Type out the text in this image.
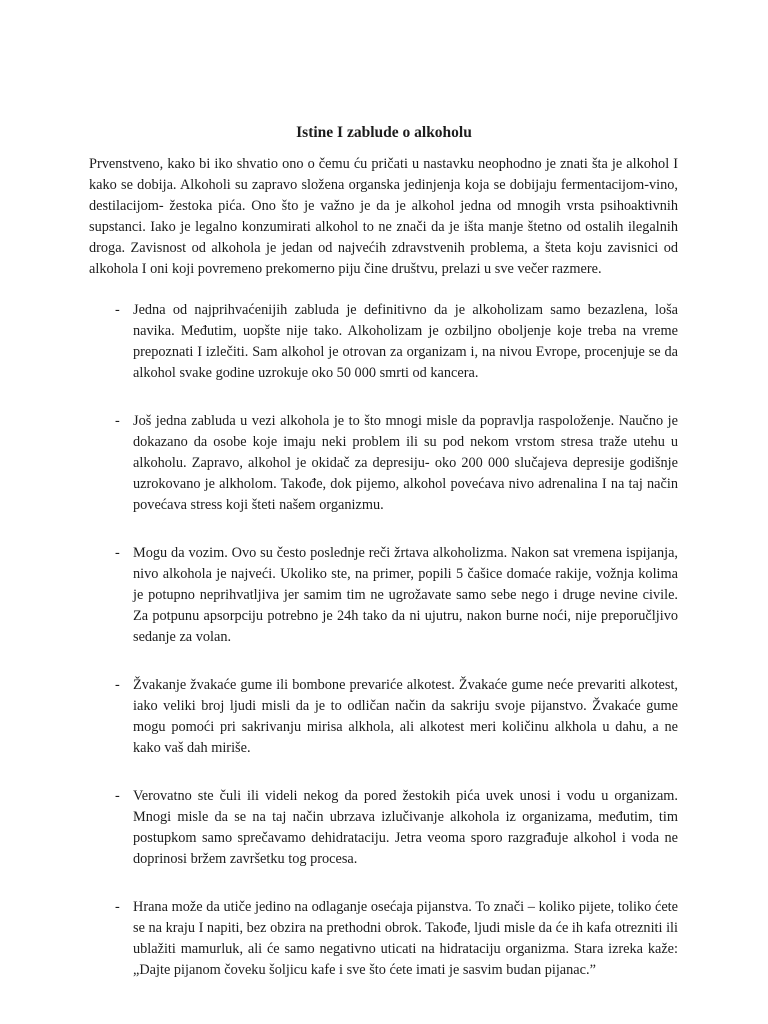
Istine I zablude o alkoholu

Prvenstveno, kako bi iko shvatio ono o čemu ću pričati u nastavku neophodno je znati šta je alkohol I kako se dobija. Alkoholi su zapravo složena organska jedinjenja koja se dobijaju fermentacijom-vino, destilacijom- žestoka pića. Ono što je važno je da je alkohol jedna od mnogih vrsta psihoaktivnih supstanci. Iako je legalno konzumirati alkohol to ne znači da je išta manje štetno od ostalih ilegalnih droga. Zavisnost od alkohola je jedan od najvećih zdravstvenih problema, a šteta koju zavisnici od alkohola I oni koji povremeno prekomerno piju čine društvu, prelazi u sve večer razmere.

- Jedna od najprihvaćenijih zabluda je definitivno da je alkoholizam samo bezazlena, loša navika. Međutim, uopšte nije tako. Alkoholizam je ozbiljno oboljenje koje treba na vreme prepoznati I izlečiti. Sam alkohol je otrovan za organizam i, na nivou Evrope, procenjuje se da alkohol svake godine uzrokuje oko 50 000 smrti od kancera.
- Još jedna zabluda u vezi alkohola je to što mnogi misle da popravlja raspoloženje. Naučno je dokazano da osobe koje imaju neki problem ili su pod nekom vrstom stresa traže utehu u alkoholu. Zapravo, alkohol je okidač za depresiju- oko 200 000 slučajeva depresije godišnje uzrokovano je alkholom. Takođe, dok pijemo, alkohol povećava nivo adrenalina I na taj način povećava stress koji šteti našem organizmu.
- Mogu da vozim. Ovo su često poslednje reči žrtava alkoholizma. Nakon sat vremena ispijanja, nivo alkohola je najveći. Ukoliko ste, na primer, popili 5 čašice domaće rakije, vožnja kolima je potupno neprihvatljiva jer samim tim ne ugrožavate samo sebe nego i druge nevine civile. Za potpunu apsorpciju potrebno je 24h tako da ni ujutru, nakon burne noći, nije preporučljivo sedanje za volan.
- Žvakanje žvakaće gume ili bombone prevariće alkotest. Žvakaće gume neće prevariti alkotest, iako veliki broj ljudi misli da je to odličan način da sakriju svoje pijanstvo. Žvakaće gume mogu pomoći pri sakrivanju mirisa alkhola, ali alkotest meri količinu alkhola u dahu, a ne kako vaš dah miriše.
- Verovatno ste čuli ili videli nekog da pored žestokih pića uvek unosi i vodu u organizam. Mnogi misle da se na taj način ubrzava izlučivanje alkohola iz organizama, međutim, tim postupkom samo sprečavamo dehidrataciju. Jetra veoma sporo razgrađuje alkohol i voda ne doprinosi bržem završetku tog procesa.
- Hrana može da utiče jedino na odlaganje osećaja pijanstva. To znači – koliko pijete, toliko ćete se na kraju I napiti, bez obzira na prethodni obrok. Takođe, ljudi misle da će ih kafa otrezniti ili ublažiti mamurluk, ali će samo negativno uticati na hidrataciju organizma. Stara izreka kaže: „Dajte pijanom čoveku šoljicu kafe i sve što ćete imati je sasvim budan pijanac.”
